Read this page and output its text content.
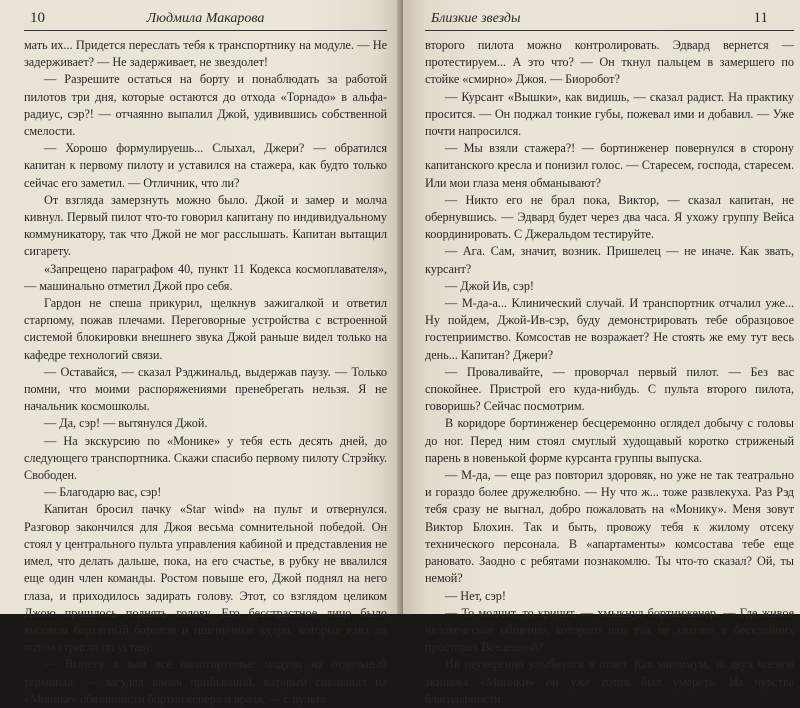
10	Людмила Макарова

мать их... Придется переслать тебя к транспортнику на модуле. — Не задерживает? — Не задерживает, не звездолет!

— Разрешите остаться на борту и понаблюдать за работой пилотов три дня, которые остаются до отхода «Торнадо» в альфа-радиус, сэр?! — отчаянно выпалил Джой, удивившись собственной смелости.

— Хорошо формулируешь... Слыхал, Джери? — обратился капитан к первому пилоту и уставился на стажера, как будто только сейчас его заметил. — Отличник, что ли?

От взгляда замерзнуть можно было. Джой и замер и молча кивнул. Первый пилот что-то говорил капитану по индивидуальному коммуникатору, так что Джой не мог расслышать. Капитан вытащил сигарету.

«Запрещено параграфом 40, пункт 11 Кодекса космоплавателя», — машинально отметил Джой про себя.

Гардон не спеша прикурил, щелкнув зажигалкой и ответил старпому, пожав плечами. Переговорные устройства с встроенной системой блокировки внешнего звука Джой раньше видел только на кафедре технологий связи.

— Оставайся, — сказал Рэджинальд, выдержав паузу. — Только помни, что моими распоряжениями пренебрегать нельзя. Я не начальник космошколы.

— Да, сэр! — вытянулся Джой.

— На экскурсию по «Монике» у тебя есть десять дней, до следующего транспортника. Скажи спасибо первому пилоту Стрэйку. Свободен.

— Благодарю вас, сэр!

Капитан бросил пачку «Star wind» на пульт и отвернулся. Разговор закончился для Джоя весьма сомнительной победой. Он стоял у центрального пульта управления кабиной и представления не имел, что делать дальше, пока, на его счастье, в рубку не ввалился еще один член команды. Ростом повыше его, Джой поднял на него глаза, и приходилось задирать голову. Этот, со взглядом целиком Джою пришлось поднять голову. Его бесстрастное лицо было вызовом бархатный баритон и пшеничные кудри, которые едва ли потом стригли по уставу.

— Вынесу я вам все пилотируемые модули на отдельный терминал, — загудел вновь прибывший, который совмещал на «Монике» обязанности бортинженера и врача, — с пульта

Близкие звезды	11

второго пилота можно контролировать. Эдвард вернется — протестируем... А это что? — Он ткнул пальцем в замершего по стойке «смирно» Джоя. — Биоробот?

— Курсант «Вышки», как видишь, — сказал радист. На практику просится. — Он поджал тонкие губы, пожевал ими и добавил. — Уже почти напросился.

— Мы взяли стажера?! — бортинженер повернулся в сторону капитанского кресла и понизил голос. — Старесем, господа, старесем. Или мои глаза меня обманывают?

— Никто его не брал пока, Виктор, — сказал капитан, не обернувшись. — Эдвард будет через два часа. Я ухожу группу Вейса координировать. С Джеральдом тестируйте.

— Ага. Сам, значит, возник. Пришелец — не иначе. Как звать, курсант?

— Джой Ив, сэр!

— М-да-а... Клинический случай. И транспортник отчалил уже... Ну пойдем, Джой-Ив-сэр, буду демонстрировать тебе образцовое гостеприимство. Комсостав не возражает? Не стоять же ему тут весь день... Капитан? Джери?

— Проваливайте, — проворчал первый пилот. — Без вас спокойнее. Пристрой его куда-нибудь. С пульта второго пилота, говоришь? Сейчас посмотрим.

В коридоре бортинженер бесцеремонно оглядел добычу с головы до ног. Перед ним стоял смуглый худощавый коротко стриженый парень в новенькой форме курсанта группы выпуска.

— М-да, — еще раз повторил здоровяк, но уже не так театрально и гораздо более дружелюбно. — Ну что ж... тоже развлекуха. Раз Рэд тебя сразу не выгнал, добро пожаловать на «Монику». Меня зовут Виктор Блохин. Так и быть, провожу тебя к жилому отсеку технического персонала. В «апартаменты» комсостава тебе еще рановато. Заодно с ребятами познакомлю. Ты что-то сказал? Ой, ты немой?

— Нет, сэр!

— То молчит, то кричит, — хмыкнул бортинженер. — Где живое человеческое общение, которого нам так не хватает в бескрайних просторах Вселенной?

Ив неуверенно улыбнулся в ответ. Как минимум, за двух членов экипажа «Моники» он уже готов был умереть. Из чувства благодарности.
